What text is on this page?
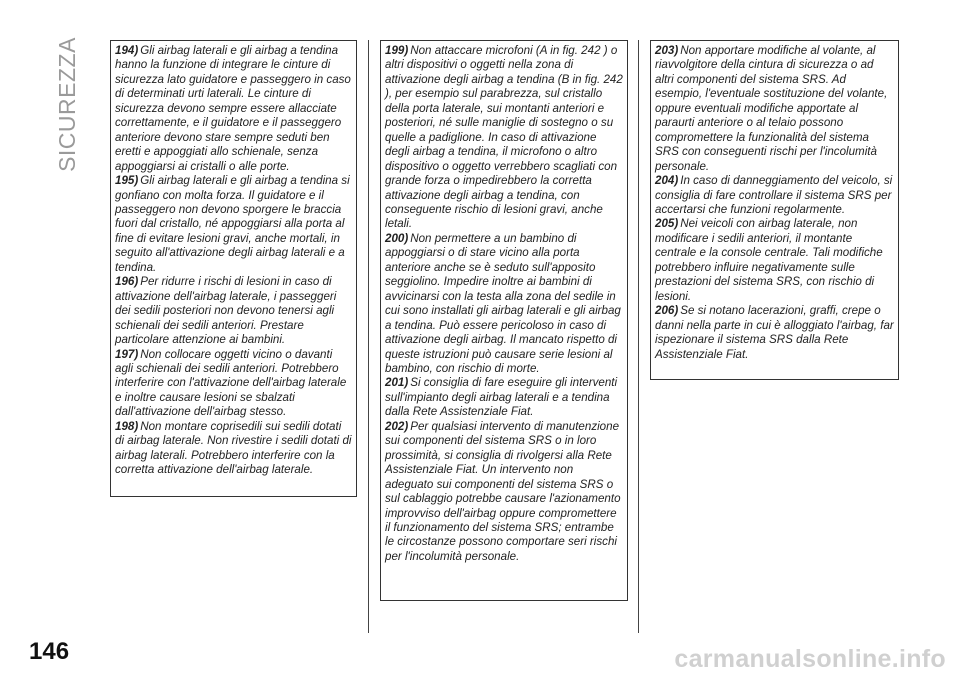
SICUREZZA	194) Gli airbag laterali e gli airbag a tendina hanno la funzione di integrare le cinture di sicurezza lato guidatore e passeggero in caso di determinati urti laterali. Le cinture di sicurezza devono sempre essere allacciate correttamente, e il guidatore e il passeggero anteriore devono stare sempre seduti ben eretti e appoggiati allo schienale, senza appoggiarsi ai cristalli o alle porte.

195) Gli airbag laterali e gli airbag a tendina si gonfiano con molta forza. Il guidatore e il passeggero non devono sporgere le braccia fuori dal cristallo, né appoggiarsi alla porta al fine di evitare lesioni gravi, anche mortali, in seguito all'attivazione degli airbag laterali e a tendina.

196) Per ridurre i rischi di lesioni in caso di attivazione dell'airbag laterale, i passeggeri dei sedili posteriori non devono tenersi agli schienali dei sedili anteriori. Prestare particolare attenzione ai bambini.

197) Non collocare oggetti vicino o davanti agli schienali dei sedili anteriori. Potrebbero interferire con l'attivazione dell'airbag laterale e inoltre causare lesioni se sbalzati dall'attivazione dell'airbag stesso.

198) Non montare coprisedili sui sedili dotati di airbag laterale. Non rivestire i sedili dotati di airbag laterali. Potrebbero interferire con la corretta attivazione dell'airbag laterale.

199) Non attaccare microfoni (A in fig. 242 ) o altri dispositivi o oggetti nella zona di attivazione degli airbag a tendina (B in fig. 242 ), per esempio sul parabrezza, sul cristallo della porta laterale, sui montanti anteriori e posteriori, né sulle maniglie di sostegno o su quelle a padiglione. In caso di attivazione degli airbag a tendina, il microfono o altro dispositivo o oggetto verrebbero scagliati con grande forza o impedirebbero la corretta attivazione degli airbag a tendina, con conseguente rischio di lesioni gravi, anche letali.

200) Non permettere a un bambino di appoggiarsi o di stare vicino alla porta anteriore anche se è seduto sull'apposito seggiolino. Impedire inoltre ai bambini di avvicinarsi con la testa alla zona del sedile in cui sono installati gli airbag laterali e gli airbag a tendina. Può essere pericoloso in caso di attivazione degli airbag. Il mancato rispetto di queste istruzioni può causare serie lesioni al bambino, con rischio di morte.

201) Si consiglia di fare eseguire gli interventi sull'impianto degli airbag laterali e a tendina dalla Rete Assistenziale Fiat.

202) Per qualsiasi intervento di manutenzione sui componenti del sistema SRS o in loro prossimità, si consiglia di rivolgersi alla Rete Assistenziale Fiat. Un intervento non adeguato sui componenti del sistema SRS o sul cablaggio potrebbe causare l'azionamento improvviso dell'airbag oppure compromettere il funzionamento del sistema SRS; entrambe le circostanze possono comportare seri rischi per l'incolumità personale.

203) Non apportare modifiche al volante, al riavvolgitore della cintura di sicurezza o ad altri componenti del sistema SRS. Ad esempio, l'eventuale sostituzione del volante, oppure eventuali modifiche apportate al paraurti anteriore o al telaio possono compromettere la funzionalità del sistema SRS con conseguenti rischi per l'incolumità personale.

204) In caso di danneggiamento del veicolo, si consiglia di fare controllare il sistema SRS per accertarsi che funzioni regolarmente.

205) Nei veicoli con airbag laterale, non modificare i sedili anteriori, il montante centrale e la console centrale. Tali modifiche potrebbero influire negativamente sulle prestazioni del sistema SRS, con rischio di lesioni.

206) Se si notano lacerazioni, graffi, crepe o danni nella parte in cui è alloggiato l'airbag, far ispezionare il sistema SRS dalla Rete Assistenziale Fiat.

146	carmanualsonline.info
